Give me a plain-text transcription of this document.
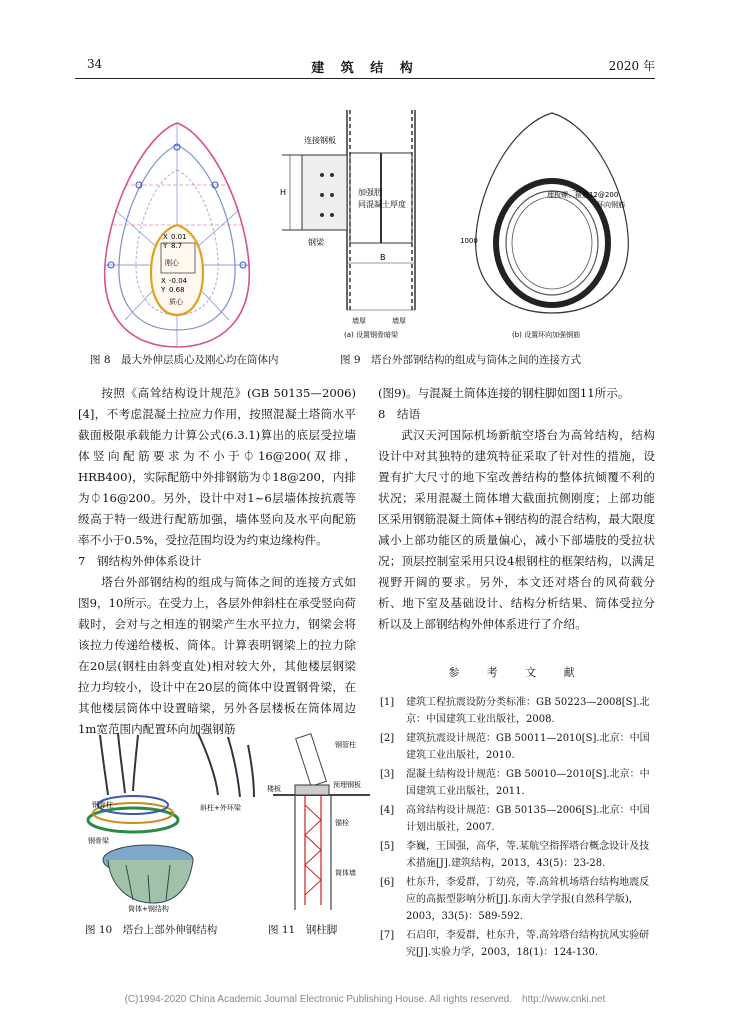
34	建 筑 结 构	2020 年
X 0.01
Y 8.7
刚心
X -0.04
Y 0.68
质心
图 8　最大外伸层质心及刚心均在筒体内
连接钢板
加强肋
同混凝土厚度
钢梁
H
B
墙厚	墙厚
(a) 设置钢骨暗梁
埋板螺、箍筋12@200
环向钢筋
1000
(b) 设置环向加强钢筋
图 9　塔台外部钢结构的组成与筒体之间的连接方式

按照《高耸结构设计规范》(GB 50135—2006)[4]，不考虑混凝土拉应力作用，按照混凝土塔筒水平截面极限承载能力计算公式(6.3.1)算出的底层受拉墙体竖向配筋要求为不小于⏀16@200(双排，HRB400)，实际配筋中外排钢筋为⏀18@200，内排为⏀16@200。另外，设计中对1~6层墙体按抗震等级高于特一级进行配筋加强，墙体竖向及水平向配筋率不小于0.5%，受拉范围均设为约束边缘构件。

7　钢结构外伸体系设计

塔台外部钢结构的组成与筒体之间的连接方式如图9，10所示。在受力上，各层外伸斜柱在承受竖向荷载时，会对与之相连的钢梁产生水平拉力，钢梁会将该拉力传递给楼板、筒体。计算表明钢梁上的拉力除在20层(钢柱由斜变直处)相对较大外，其他楼层钢梁拉力均较小，设计中在20层的筒体中设置钢骨梁，在其他楼层筒体中设置暗梁，另外各层楼板在筒体周边1m宽范围内配置环向加强钢筋

(图9)。与混凝土筒体连接的钢柱脚如图11所示。

8　结语

武汉天河国际机场新航空塔台为高耸结构，结构设计中对其独特的建筑特征采取了针对性的措施，设置有扩大尺寸的地下室改善结构的整体抗倾覆不利的状况；采用混凝土筒体增大截面抗侧刚度；上部功能区采用钢筋混凝土筒体+钢结构的混合结构，最大限度减小上部功能区的质量偏心，减小下部墙肢的受拉状况；顶层控制室采用只设4根钢柱的框架结构，以满足视野开阔的要求。另外，本文还对塔台的风荷载分析、地下室及基础设计、结构分析结果、筒体受拉分析以及上部钢结构外伸体系进行了介绍。

参 考 文 献
[1]	建筑工程抗震设防分类标准：GB 50223—2008[S].北京：中国建筑工业出版社，2008.
[2]	建筑抗震设计规范：GB 50011—2010[S].北京：中国建筑工业出版社，2010.
[3]	混凝土结构设计规范：GB 50010—2010[S].北京：中国建筑工业出版社，2011.
[4]	高耸结构设计规范：GB 50135—2006[S].北京：中国计划出版社，2007.
[5]	李巍，王国强，高华，等.某航空指挥塔台概念设计及技术措施[J].建筑结构，2013，43(5)：23-28.
[6]	杜东升，李爱群，丁幼亮，等.高耸机场塔台结构地震反应的高振型影响分析[J].东南大学学报(自然科学版)，2003，33(5)：589-592.
[7]	石启印，李爱群，杜东升，等.高耸塔台结构抗风实验研究[J].实验力学，2003，18(1)：124-130.
钢骨柱	斜柱+外环梁
钢骨梁
筒体+钢结构
图 10　塔台上部外伸钢结构
钢管柱
楼板	预埋钢板
锚栓
筒体墙
图 11　钢柱脚
(C)1994-2020 China Academic Journal Electronic Publishing House. All rights reserved.　http://www.cnki.net
